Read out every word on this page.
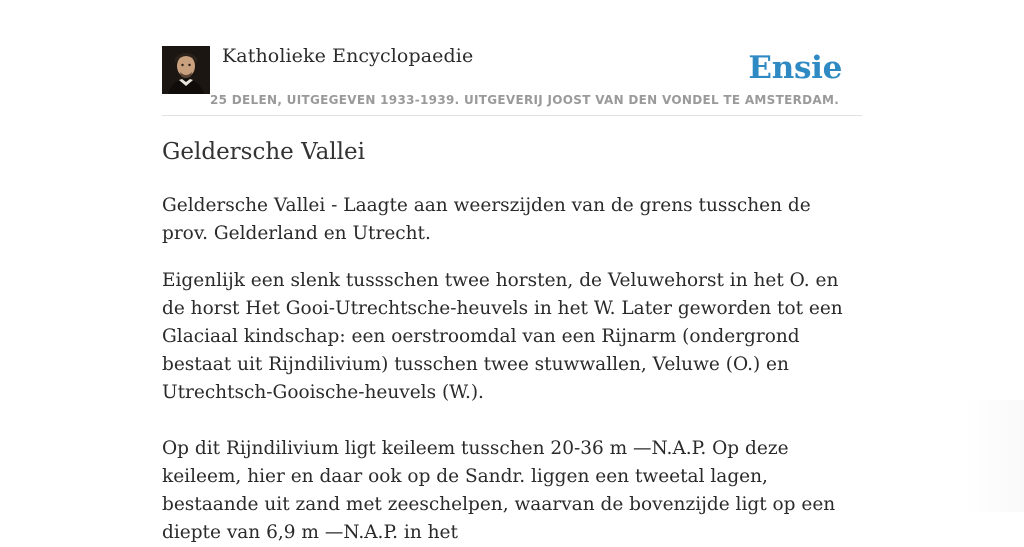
Katholieke Encyclopaedie
25 DELEN, UITGEGEVEN 1933-1939. UITGEVERIJ JOOST VAN DEN VONDEL TE AMSTERDAM.
Ensie
Geldersche Vallei

Geldersche Vallei - Laagte aan weerszijden van de grens tusschen de prov. Gelderland en Utrecht.

Eigenlijk een slenk tussschen twee horsten, de Veluwehorst in het O. en de horst Het Gooi-Utrechtsche-heuvels in het W. Later geworden tot een Glaciaal kindschap: een oerstroomdal van een Rijnarm (ondergrond bestaat uit Rijndilivium) tusschen twee stuwwallen, Veluwe (O.) en Utrechtsch-Gooische-heuvels (W.).

Op dit Rijndilivium ligt keileem tusschen 20-36 m —N.A.P. Op deze keileem, hier en daar ook op de Sandr. liggen een tweetal lagen, bestaande uit zand met zeeschelpen, waarvan de bovenzijde ligt op een diepte van 6,9 m —N.A.P. in het
